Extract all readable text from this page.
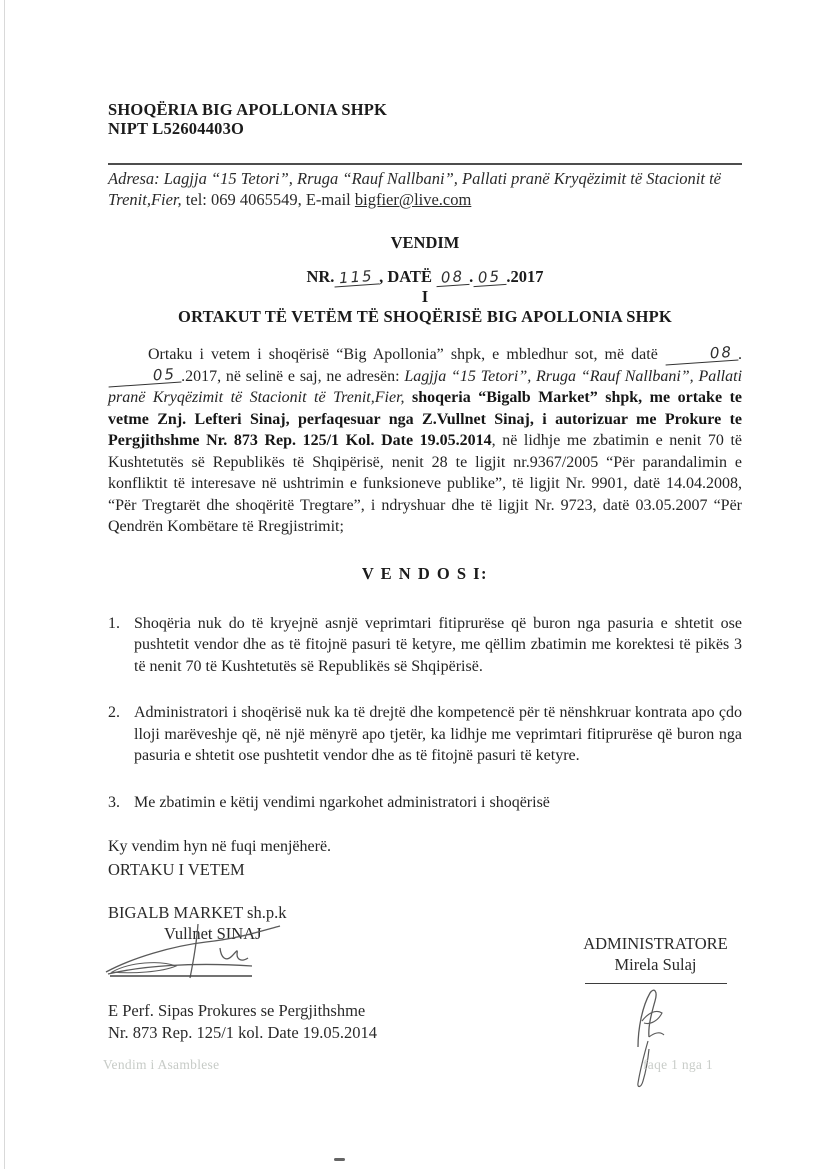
SHOQËRIA BIG APOLLONIA SHPK
NIPT L52604403O
Adresa: Lagjja “15 Tetori”, Rruga “Rauf Nallbani”, Pallati pranë Kryqëzimit të Stacionit të Trenit,Fier, tel: 069 4065549, E-mail bigfier@live.com
VENDIM
NR. 115 , DATË 08 . 05 .2017
I
ORTAKUT TË VETËM TË SHOQËRISË BIG APOLLONIA SHPK
Ortaku i vetem i shoqërisë “Big Apollonia” shpk, e mbledhur sot, më datë	08 .05 .2017, në selinë e saj, ne adresën: Lagjja “15 Tetori”, Rruga “Rauf Nallbani”, Pallati pranë Kryqëzimit të Stacionit të Trenit,Fier, shoqeria “Bigalb Market” shpk, me ortake te vetme Znj. Lefteri Sinaj, perfaqesuar nga Z.Vullnet Sinaj, i autorizuar me Prokure te Pergjithshme Nr. 873 Rep. 125/1 Kol. Date 19.05.2014, në lidhje me zbatimin e nenit 70 të Kushtetutës së Republikës të Shqipërisë, nenit 28 te ligjit nr.9367/2005 “Për parandalimin e konfliktit të interesave në ushtrimin e funksioneve publike”, të ligjit Nr. 9901, datë 14.04.2008, “Për Tregtarët dhe shoqëritë Tregtare”, i ndryshuar dhe të ligjit Nr. 9723, datë 03.05.2007 “Për Qendrën Kombëtare të Rregjistrimit;
V E N D O S I:
1. Shoqëria nuk do të kryejnë asnjë veprimtari fitiprurëse që buron nga pasuria e shtetit ose pushtetit vendor dhe as të fitojnë pasuri të ketyre, me qëllim zbatimin me korektesi të pikës 3 të nenit 70 të Kushtetutës së Republikës së Shqipërisë.
2. Administratori i shoqërisë nuk ka të drejtë dhe kompetencë për të nënshkruar kontrata apo çdo lloji marëveshje që, në një mënyrë apo tjetër, ka lidhje me veprimtari fitiprurëse që buron nga pasuria e shtetit ose pushtetit vendor dhe as të fitojnë pasuri të ketyre.
3. Me zbatimin e këtij vendimi ngarkohet administratori i shoqërisë
Ky vendim hyn në fuqi menjëherë.
ORTAKU I VETEM
BIGALB MARKET sh.p.k
Vullnet SINAJ
E Perf. Sipas Prokures se Pergjithshme
Nr. 873 Rep. 125/1 kol. Date 19.05.2014
ADMINISTRATORE
Mirela Sulaj
Vendim i Asamblese	faqe 1 nga 1
